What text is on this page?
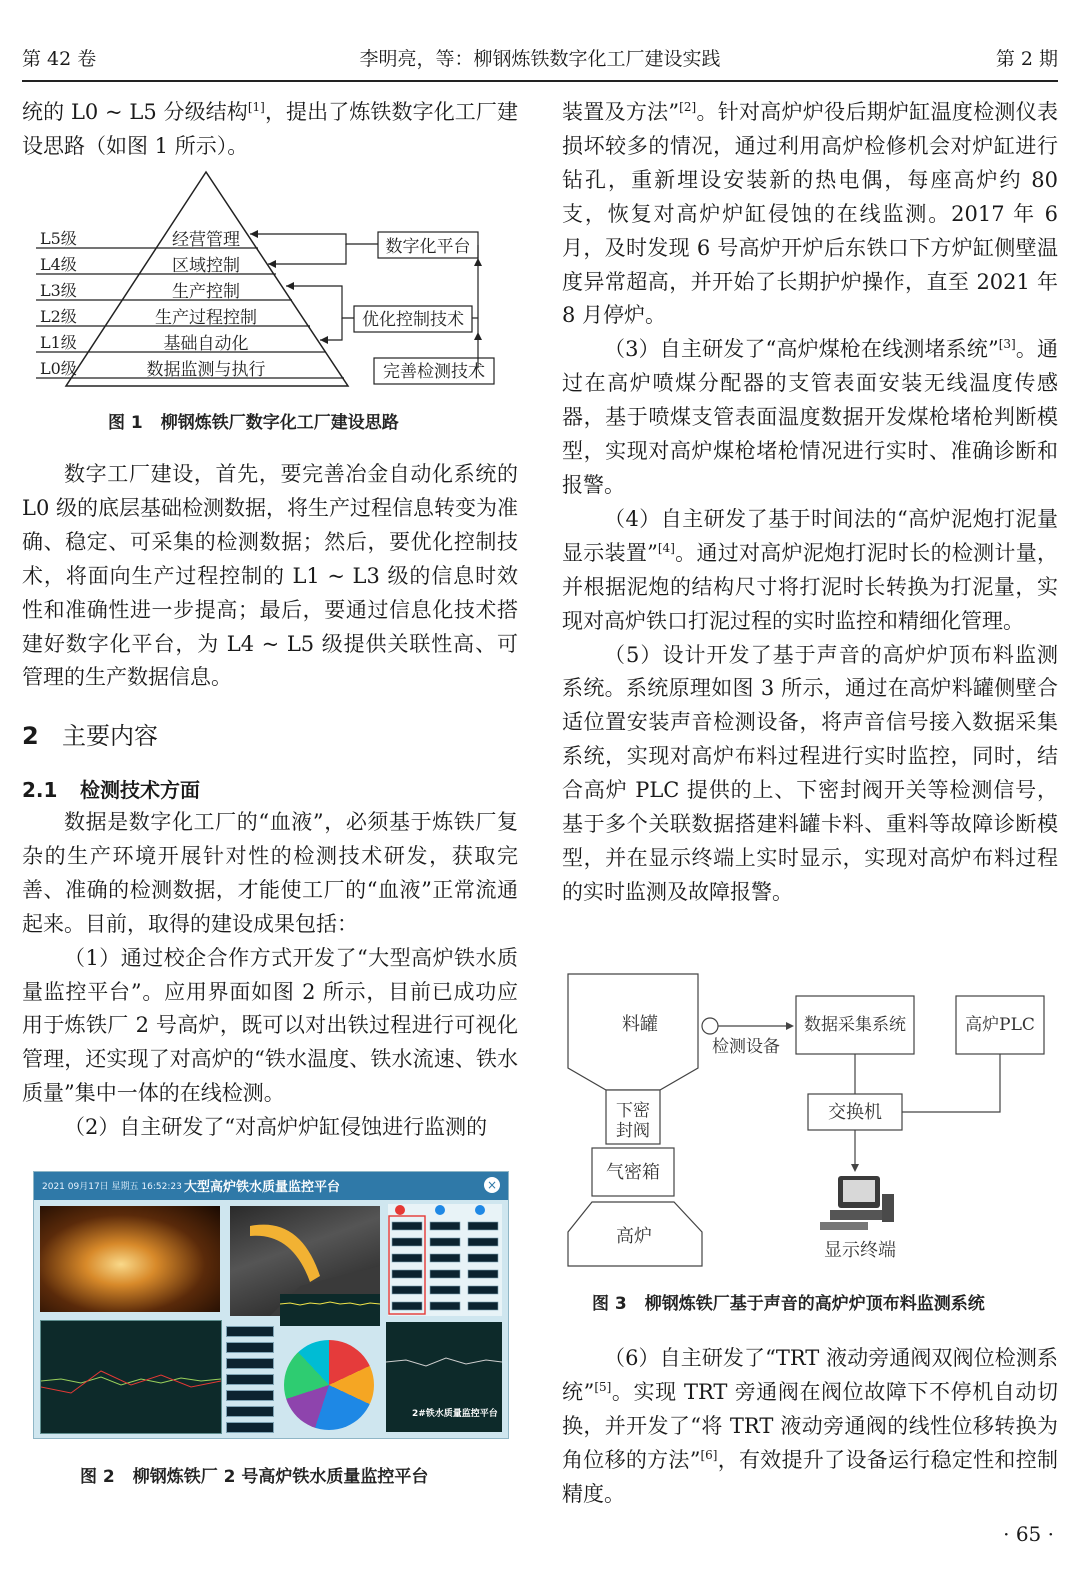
第 42 卷	李明亮，等：柳钢炼铁数字化工厂建设实践	第 2 期

统的 L0 ~ L5 分级结构[1]，提出了炼铁数字化工厂建设思路（如图 1 所示）。

L5级
L4级
L3级
L2级
L1级
L0级
经营管理
区域控制
生产控制
生产过程控制
基础自动化
数据监测与执行
数字化平台
优化控制技术
完善检测技术
图 1 柳钢炼铁厂数字化工厂建设思路

数字工厂建设，首先，要完善冶金自动化系统的 L0 级的底层基础检测数据，将生产过程信息转变为准确、稳定、可采集的检测数据；然后，要优化控制技术，将面向生产过程控制的 L1 ~ L3 级的信息时效性和准确性进一步提高；最后，要通过信息化技术搭建好数字化平台，为 L4 ~ L5 级提供关联性高、可管理的生产数据信息。

2 主要内容
2.1 检测技术方面

数据是数字化工厂的“血液”，必须基于炼铁厂复杂的生产环境开展针对性的检测技术研发，获取完善、准确的检测数据，才能使工厂的“血液”正常流通起来。目前，取得的建设成果包括：

（1）通过校企合作方式开发了“大型高炉铁水质量监控平台”。应用界面如图 2 所示，目前已成功应用于炼铁厂 2 号高炉，既可以对出铁过程进行可视化管理，还实现了对高炉的“铁水温度、铁水流速、铁水质量”集中一体的在线检测。

（2）自主研发了“对高炉炉缸侵蚀进行监测的

2021 09月17日 星期五 16:52:23 大型高炉铁水质量监控平台	×
2#铁水质量监控平台
图 2 柳钢炼铁厂 2 号高炉铁水质量监控平台

装置及方法”[2]。针对高炉炉役后期炉缸温度检测仪表损坏较多的情况，通过利用高炉检修机会对炉缸进行钻孔，重新埋设安装新的热电偶，每座高炉约 80 支，恢复对高炉炉缸侵蚀的在线监测。2017 年 6 月，及时发现 6 号高炉开炉后东铁口下方炉缸侧壁温度异常超高，并开始了长期护炉操作，直至 2021 年 8 月停炉。

（3）自主研发了“高炉煤枪在线测堵系统”[3]。通过在高炉喷煤分配器的支管表面安装无线温度传感器，基于喷煤支管表面温度数据开发煤枪堵枪判断模型，实现对高炉煤枪堵枪情况进行实时、准确诊断和报警。

（4）自主研发了基于时间法的“高炉泥炮打泥量显示装置”[4]。通过对高炉泥炮打泥时长的检测计量，并根据泥炮的结构尺寸将打泥时长转换为打泥量，实现对高炉铁口打泥过程的实时监控和精细化管理。

（5）设计开发了基于声音的高炉炉顶布料监测系统。系统原理如图 3 所示，通过在高炉料罐侧壁合适位置安装声音检测设备，将声音信号接入数据采集系统，实现对高炉布料过程进行实时监控，同时，结合高炉 PLC 提供的上、下密封阀开关等检测信号，基于多个关联数据搭建料罐卡料、重料等故障诊断模型，并在显示终端上实时显示，实现对高炉布料过程的实时监测及故障报警。

料罐
下密
封阀
气密箱
高炉
检测设备
数据采集系统	高炉PLC
交换机
显示终端
图 3 柳钢炼铁厂基于声音的高炉炉顶布料监测系统

（6）自主研发了“TRT 液动旁通阀双阀位检测系统”[5]。实现 TRT 旁通阀在阀位故障下不停机自动切换，并开发了“将 TRT 液动旁通阀的线性位移转换为角位移的方法”[6]，有效提升了设备运行稳定性和控制精度。

· 65 ·
